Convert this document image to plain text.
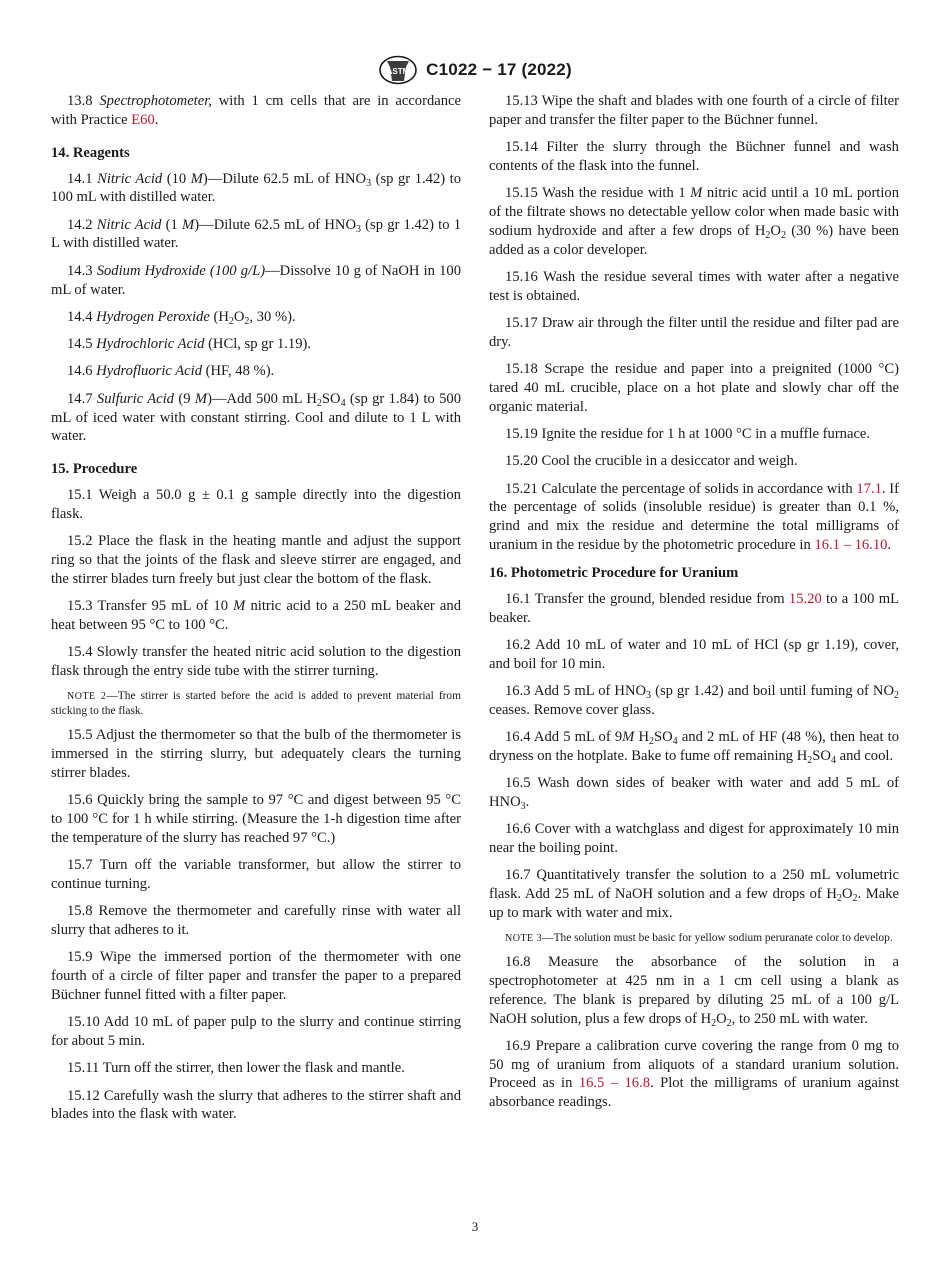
ASTM C1022 − 17 (2022)

13.8 Spectrophotometer, with 1 cm cells that are in accordance with Practice E60.

14. Reagents

14.1 Nitric Acid (10 M)—Dilute 62.5 mL of $HNO_3$ (sp gr 1.42) to 100 mL with distilled water.

14.2 Nitric Acid (1 M)—Dilute 62.5 mL of $HNO_3$ (sp gr 1.42) to 1 L with distilled water.

14.3 Sodium Hydroxide (100 g/L)—Dissolve 10 g of NaOH in 100 mL of water.

14.4 Hydrogen Peroxide ($H_2O_2$, 30 %).

14.5 Hydrochloric Acid (HCl, sp gr 1.19).

14.6 Hydrofluoric Acid (HF, 48 %).

14.7 Sulfuric Acid (9 M)—Add 500 mL $H_2SO_4$ (sp gr 1.84) to 500 mL of iced water with constant stirring. Cool and dilute to 1 L with water.

15. Procedure

15.1 Weigh a 50.0 g ± 0.1 g sample directly into the digestion flask.

15.2 Place the flask in the heating mantle and adjust the support ring so that the joints of the flask and sleeve stirrer are engaged, and the stirrer blades turn freely but just clear the bottom of the flask.

15.3 Transfer 95 mL of 10 M nitric acid to a 250 mL beaker and heat between 95 °C to 100 °C.

15.4 Slowly transfer the heated nitric acid solution to the digestion flask through the entry side tube with the stirrer turning.

NOTE 2—The stirrer is started before the acid is added to prevent material from sticking to the flask.

15.5 Adjust the thermometer so that the bulb of the thermometer is immersed in the stirring slurry, but adequately clears the turning stirrer blades.

15.6 Quickly bring the sample to 97 °C and digest between 95 °C to 100 °C for 1 h while stirring. (Measure the 1-h digestion time after the temperature of the slurry has reached 97 °C.)

15.7 Turn off the variable transformer, but allow the stirrer to continue turning.

15.8 Remove the thermometer and carefully rinse with water all slurry that adheres to it.

15.9 Wipe the immersed portion of the thermometer with one fourth of a circle of filter paper and transfer the paper to a prepared Büchner funnel fitted with a filter paper.

15.10 Add 10 mL of paper pulp to the slurry and continue stirring for about 5 min.

15.11 Turn off the stirrer, then lower the flask and mantle.

15.12 Carefully wash the slurry that adheres to the stirrer shaft and blades into the flask with water.

15.13 Wipe the shaft and blades with one fourth of a circle of filter paper and transfer the filter paper to the Büchner funnel.

15.14 Filter the slurry through the Büchner funnel and wash contents of the flask into the funnel.

15.15 Wash the residue with 1 M nitric acid until a 10 mL portion of the filtrate shows no detectable yellow color when made basic with sodium hydroxide and after a few drops of $H_2O_2$ (30 %) have been added as a color developer.

15.16 Wash the residue several times with water after a negative test is obtained.

15.17 Draw air through the filter until the residue and filter pad are dry.

15.18 Scrape the residue and paper into a preignited (1000 °C) tared 40 mL crucible, place on a hot plate and slowly char off the organic material.

15.19 Ignite the residue for 1 h at 1000 °C in a muffle furnace.

15.20 Cool the crucible in a desiccator and weigh.

15.21 Calculate the percentage of solids in accordance with 17.1. If the percentage of solids (insoluble residue) is greater than 0.1 %, grind and mix the residue and determine the total milligrams of uranium in the residue by the photometric procedure in 16.1 – 16.10.

16. Photometric Procedure for Uranium

16.1 Transfer the ground, blended residue from 15.20 to a 100 mL beaker.

16.2 Add 10 mL of water and 10 mL of HCl (sp gr 1.19), cover, and boil for 10 min.

16.3 Add 5 mL of $HNO_3$ (sp gr 1.42) and boil until fuming of $NO_2$ ceases. Remove cover glass.

16.4 Add 5 mL of 9M $H_2SO_4$ and 2 mL of HF (48 %), then heat to dryness on the hotplate. Bake to fume off remaining $H_2SO_4$ and cool.

16.5 Wash down sides of beaker with water and add 5 mL of $HNO_3$.

16.6 Cover with a watchglass and digest for approximately 10 min near the boiling point.

16.7 Quantitatively transfer the solution to a 250 mL volumetric flask. Add 25 mL of NaOH solution and a few drops of $H_2O_2$. Make up to mark with water and mix.

NOTE 3—The solution must be basic for yellow sodium peruranate color to develop.

16.8 Measure the absorbance of the solution in a spectrophotometer at 425 nm in a 1 cm cell using a blank as reference. The blank is prepared by diluting 25 mL of a 100 g/L NaOH solution, plus a few drops of $H_2O_2$, to 250 mL with water.

16.9 Prepare a calibration curve covering the range from 0 mg to 50 mg of uranium from aliquots of a standard uranium solution. Proceed as in 16.5 – 16.8. Plot the milligrams of uranium against absorbance readings.

3
